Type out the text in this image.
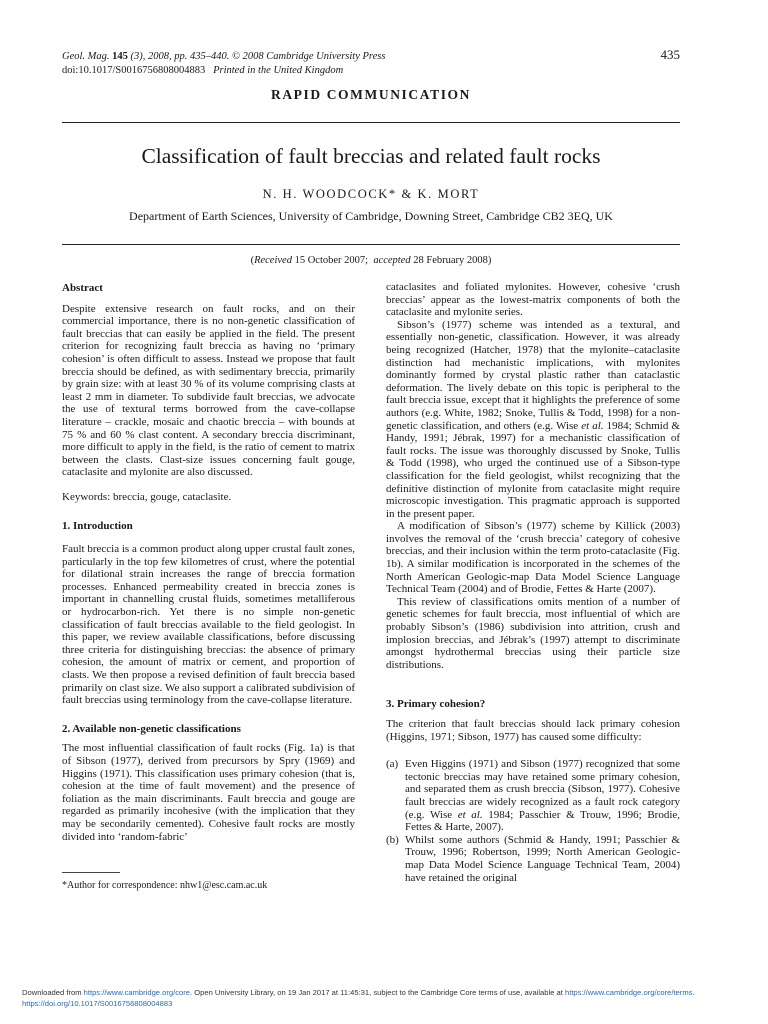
Geol. Mag. 145 (3), 2008, pp. 435–440. © 2008 Cambridge University Press
doi:10.1017/S0016756808004883 Printed in the United Kingdom
435
RAPID COMMUNICATION
Classification of fault breccias and related fault rocks
N. H. WOODCOCK* & K. MORT
Department of Earth Sciences, University of Cambridge, Downing Street, Cambridge CB2 3EQ, UK
(Received 15 October 2007; accepted 28 February 2008)
Abstract

Despite extensive research on fault rocks, and on their commercial importance, there is no non-genetic classification of fault breccias that can easily be applied in the field. The present criterion for recognizing fault breccia as having no ‘primary cohesion’ is often difficult to assess. Instead we propose that fault breccia should be defined, as with sedimentary breccia, primarily by grain size: with at least 30 % of its volume comprising clasts at least 2 mm in diameter. To subdivide fault breccias, we advocate the use of textural terms borrowed from the cave-collapse literature – crackle, mosaic and chaotic breccia – with bounds at 75 % and 60 % clast content. A secondary breccia discriminant, more difficult to apply in the field, is the ratio of cement to matrix between the clasts. Clast-size issues concerning fault gouge, cataclasite and mylonite are also discussed.

Keywords: breccia, gouge, cataclasite.

1. Introduction

Fault breccia is a common product along upper crustal fault zones, particularly in the top few kilometres of crust, where the potential for dilational strain increases the range of breccia formation processes. Enhanced permeability created in breccia zones is important in channelling crustal fluids, sometimes metalliferous or hydrocarbon-rich. Yet there is no simple non-genetic classification of fault breccias available to the field geologist. In this paper, we review available classifications, before discussing three criteria for distinguishing breccias: the absence of primary cohesion, the amount of matrix or cement, and proportion of clasts. We then propose a revised definition of fault breccia based primarily on clast size. We also support a calibrated subdivision of fault breccias using terminology from the cave-collapse literature.

2. Available non-genetic classifications

The most influential classification of fault rocks (Fig. 1a) is that of Sibson (1977), derived from precursors by Spry (1969) and Higgins (1971). This classification uses primary cohesion (that is, cohesion at the time of fault movement) and the presence of foliation as the main discriminants. Fault breccia and gouge are regarded as primarily incohesive (with the implication that they may be secondarily cemented). Cohesive fault rocks are mostly divided into ‘random-fabric’

*Author for correspondence: nhw1@esc.cam.ac.uk

cataclasites and foliated mylonites. However, cohesive ‘crush breccias’ appear as the lowest-matrix components of both the cataclasite and mylonite series.

Sibson’s (1977) scheme was intended as a textural, and essentially non-genetic, classification. However, it was already being recognized (Hatcher, 1978) that the mylonite–cataclasite distinction had mechanistic implications, with mylonites dominantly formed by crystal plastic rather than cataclastic deformation. The lively debate on this topic is peripheral to the fault breccia issue, except that it highlights the preference of some authors (e.g. White, 1982; Snoke, Tullis & Todd, 1998) for a non-genetic classification, and others (e.g. Wise et al. 1984; Schmid & Handy, 1991; Jébrak, 1997) for a mechanistic classification of fault rocks. The issue was thoroughly discussed by Snoke, Tullis & Todd (1998), who urged the continued use of a Sibson-type classification for the field geologist, whilst recognizing that the definitive distinction of mylonite from cataclasite might require microscopic investigation. This pragmatic approach is supported in the present paper.

A modification of Sibson’s (1977) scheme by Killick (2003) involves the removal of the ‘crush breccia’ category of cohesive breccias, and their inclusion within the term proto-cataclasite (Fig. 1b). A similar modification is incorporated in the schemes of the North American Geologic-map Data Model Science Language Technical Team (2004) and of Brodie, Fettes & Harte (2007).

This review of classifications omits mention of a number of genetic schemes for fault breccia, most influential of which are probably Sibson’s (1986) subdivision into attrition, crush and implosion breccias, and Jébrak’s (1997) attempt to discriminate amongst hydrothermal breccias using their particle size distributions.

3. Primary cohesion?

The criterion that fault breccias should lack primary cohesion (Higgins, 1971; Sibson, 1977) has caused some difficulty:

(a) Even Higgins (1971) and Sibson (1977) recognized that some tectonic breccias may have retained some primary cohesion, and separated them as crush breccia (Sibson, 1977). Cohesive fault breccias are widely recognized as a fault rock category (e.g. Wise et al. 1984; Passchier & Trouw, 1996; Brodie, Fettes & Harte, 2007).
(b) Whilst some authors (Schmid & Handy, 1991; Passchier & Trouw, 1996; Robertson, 1999; North American Geologic-map Data Model Science Language Technical Team, 2004) have retained the original
Downloaded from https://www.cambridge.org/core. Open University Library, on 19 Jan 2017 at 11:45:31, subject to the Cambridge Core terms of use, available at https://www.cambridge.org/core/terms.
https://doi.org/10.1017/S0016756808004883
